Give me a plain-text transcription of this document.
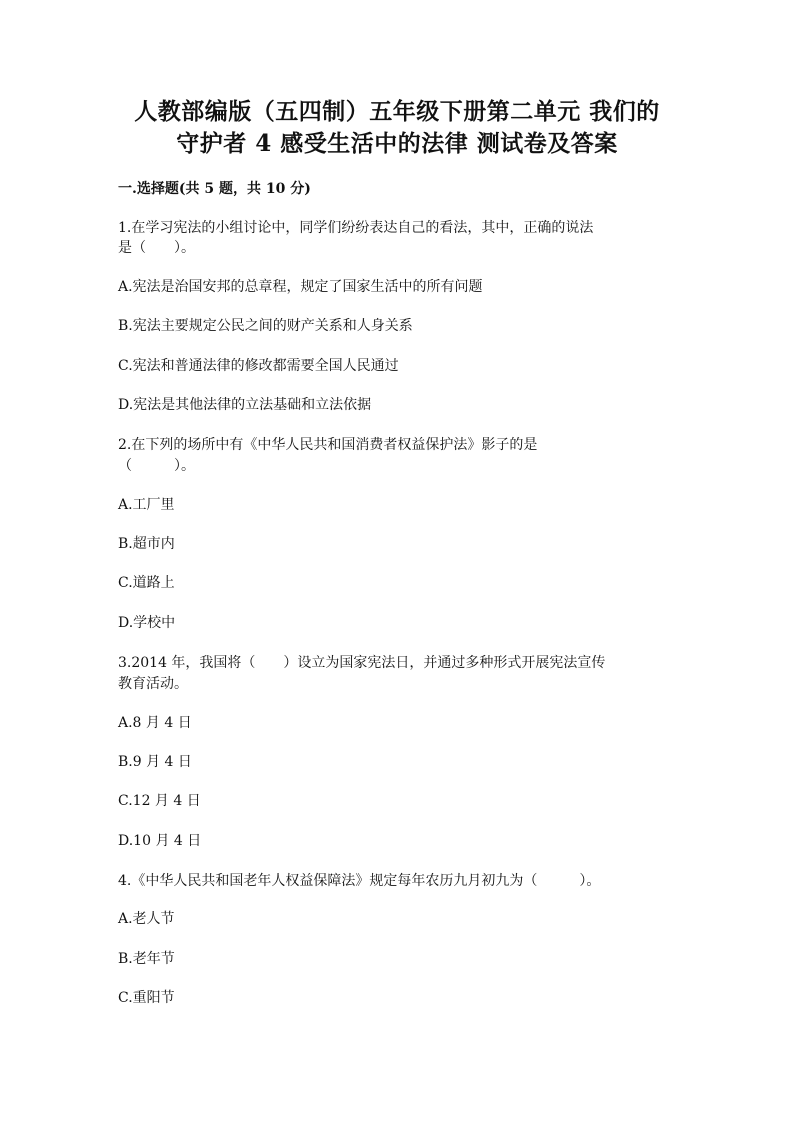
人教部编版（五四制）五年级下册第二单元 我们的
守护者 4 感受生活中的法律 测试卷及答案
一.选择题(共 5 题，共 10 分)
1.在学习宪法的小组讨论中，同学们纷纷表达自己的看法，其中，正确的说法
是（　　）。
A.宪法是治国安邦的总章程，规定了国家生活中的所有问题
B.宪法主要规定公民之间的财产关系和人身关系
C.宪法和普通法律的修改都需要全国人民通过
D.宪法是其他法律的立法基础和立法依据
2.在下列的场所中有《中华人民共和国消费者权益保护法》影子的是
（　　　）。
A.工厂里
B.超市内
C.道路上
D.学校中
3.2014 年，我国将（　　）设立为国家宪法日，并通过多种形式开展宪法宣传
教育活动。
A.8 月 4 日
B.9 月 4 日
C.12 月 4 日
D.10 月 4 日
4.《中华人民共和国老年人权益保障法》规定每年农历九月初九为（　　　）。
A.老人节
B.老年节
C.重阳节
